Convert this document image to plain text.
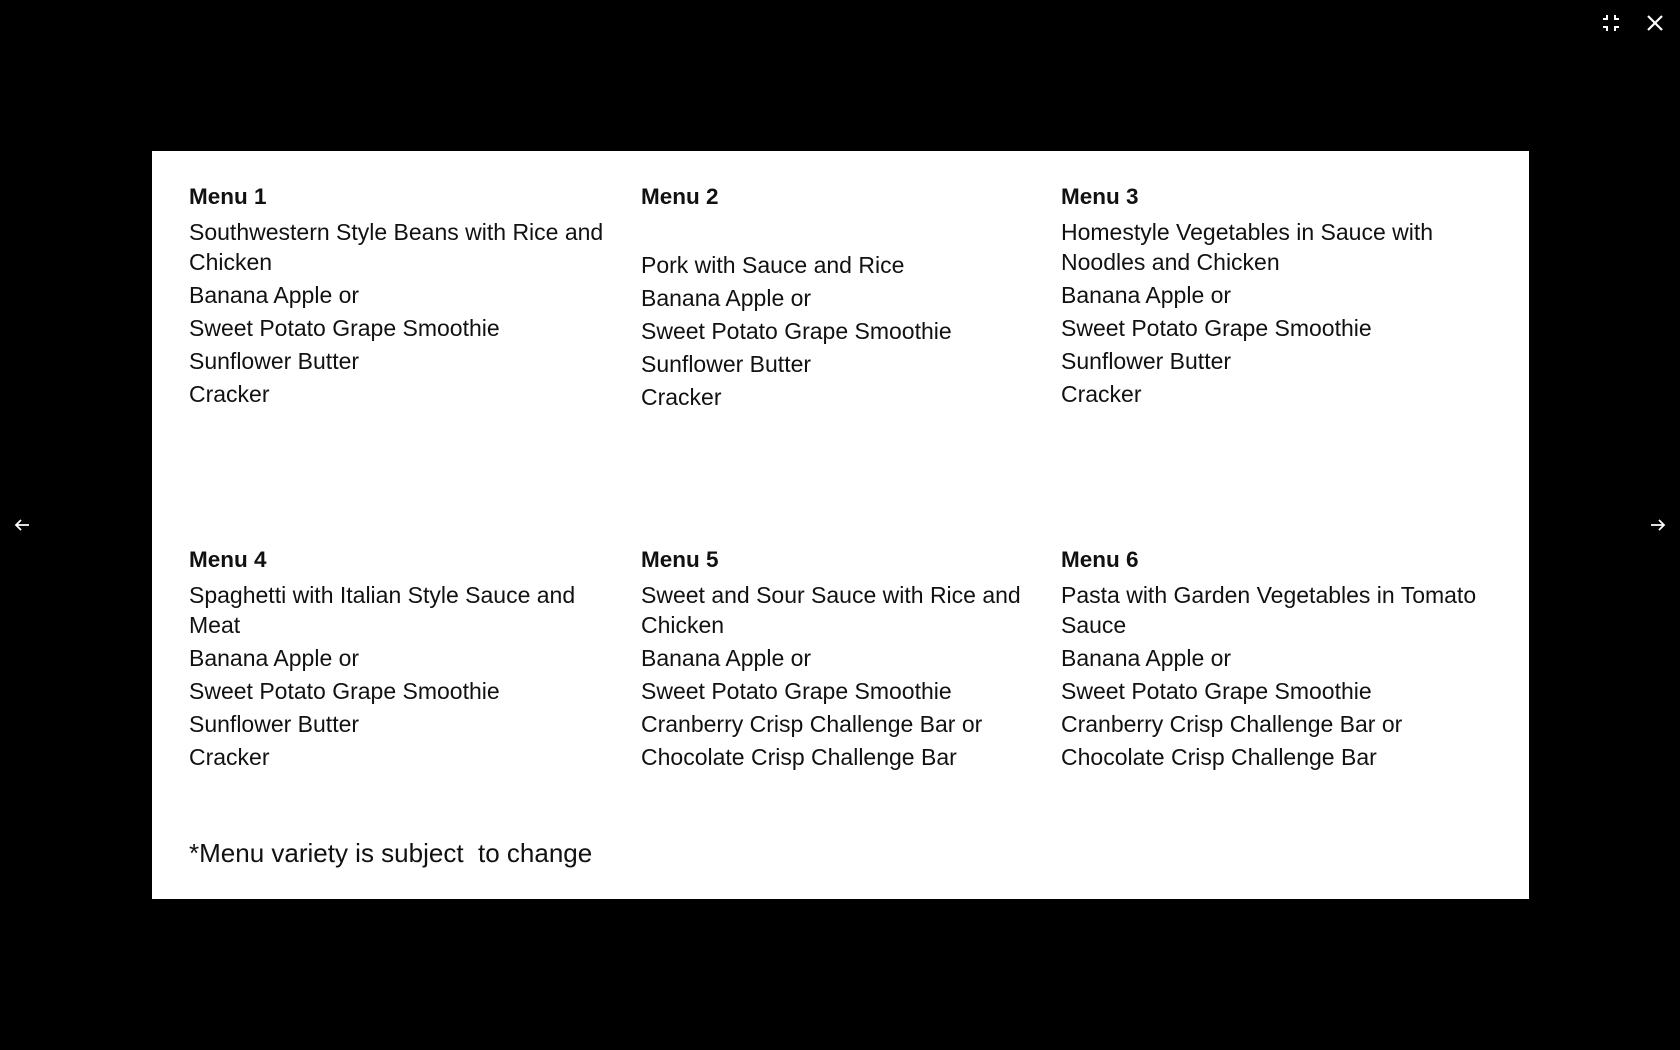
Menu 1
Southwestern Style Beans with Rice and Chicken
Banana Apple or
Sweet Potato Grape Smoothie
Sunflower Butter
Cracker
Menu 2
Pork with Sauce and Rice
Banana Apple or
Sweet Potato Grape Smoothie
Sunflower Butter
Cracker
Menu 3
Homestyle Vegetables in Sauce with Noodles and Chicken
Banana Apple or
Sweet Potato Grape Smoothie
Sunflower Butter
Cracker
Menu 4
Spaghetti with Italian Style Sauce and Meat
Banana Apple or
Sweet Potato Grape Smoothie
Sunflower Butter
Cracker
Menu 5
Sweet and Sour Sauce with Rice and Chicken
Banana Apple or
Sweet Potato Grape Smoothie
Cranberry Crisp Challenge Bar or
Chocolate Crisp Challenge Bar
Menu 6
Pasta with Garden Vegetables in Tomato Sauce
Banana Apple or
Sweet Potato Grape Smoothie
Cranberry Crisp Challenge Bar or
Chocolate Crisp Challenge Bar
*Menu variety is subject  to change
